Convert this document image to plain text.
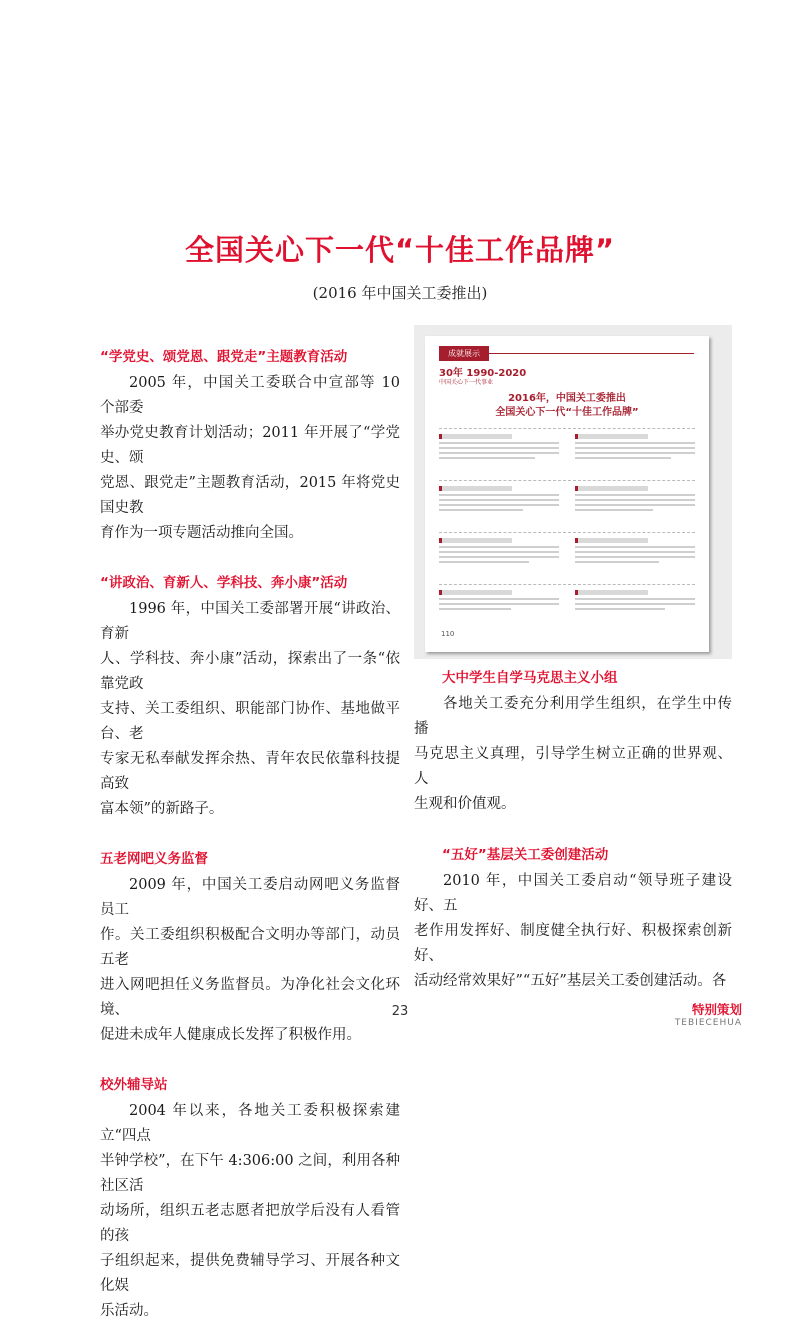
全国关心下一代“十佳工作品牌”
(2016 年中国关工委推出)
“学党史、颂党恩、跟党走”主题教育活动

2005 年，中国关工委联合中宣部等 10 个部委

举办党史教育计划活动；2011 年开展了“学党史、颂

党恩、跟党走”主题教育活动，2015 年将党史国史教

育作为一项专题活动推向全国。

“讲政治、育新人、学科技、奔小康”活动

1996 年，中国关工委部署开展“讲政治、育新

人、学科技、奔小康”活动，探索出了一条“依靠党政

支持、关工委组织、职能部门协作、基地做平台、老

专家无私奉献发挥余热、青年农民依靠科技提高致

富本领”的新路子。

五老网吧义务监督

2009 年，中国关工委启动网吧义务监督员工

作。关工委组织积极配合文明办等部门，动员五老

进入网吧担任义务监督员。为净化社会文化环境、

促进未成年人健康成长发挥了积极作用。

校外辅导站

2004 年以来，各地关工委积极探索建立“四点

半钟学校”，在下午 4:306:00 之间，利用各种社区活

动场所，组织五老志愿者把放学后没有人看管的孩

子组织起来，提供免费辅导学习、开展各种文化娱

乐活动。

成就展示
30年 1990-2020
中国关心下一代事业
2016年，中国关工委推出
全国关心下一代“十佳工作品牌”
110
大中学生自学马克思主义小组

各地关工委充分利用学生组织，在学生中传播

马克思主义真理，引导学生树立正确的世界观、人

生观和价值观。

“五好”基层关工委创建活动

2010 年，中国关工委启动“领导班子建设好、五

老作用发挥好、制度健全执行好、积极探索创新好、

活动经常效果好”“五好”基层关工委创建活动。各

23	特别策划
TEBIECEHUA
